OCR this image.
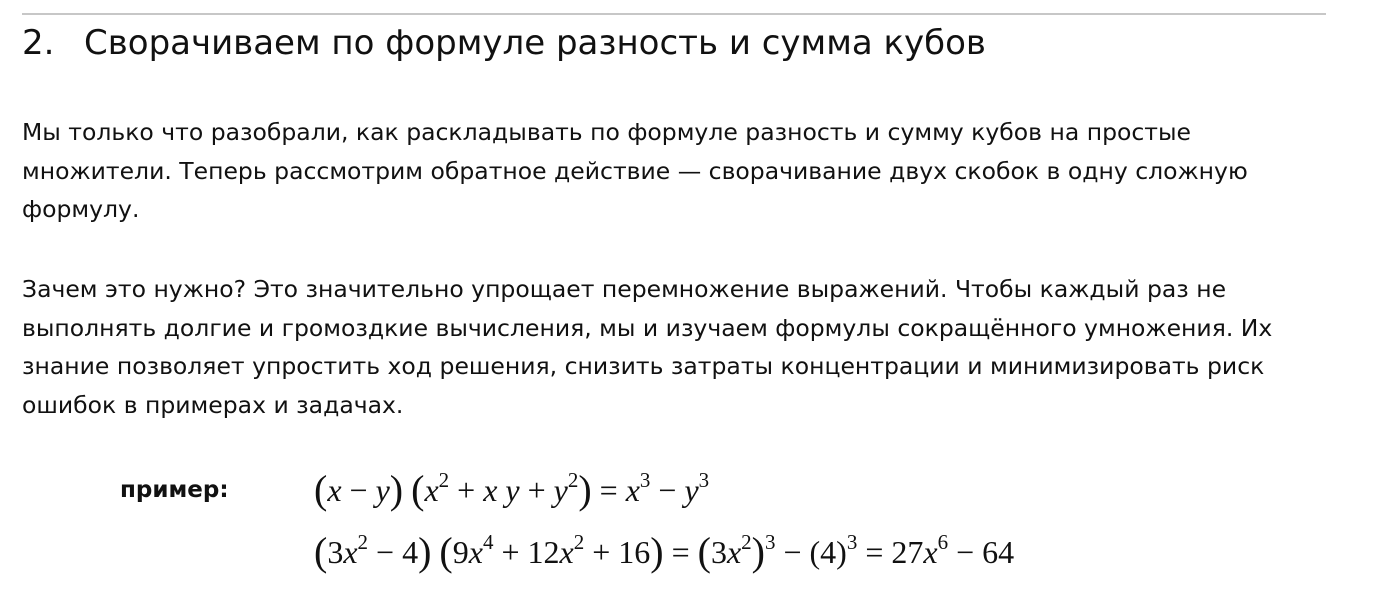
2. Сворачиваем по формуле разность и сумма кубов

Мы только что разобрали, как раскладывать по формуле разность и сумму кубов на простые множители. Теперь рассмотрим обратное действие — сворачивание двух скобок в одну сложную формулу.

Зачем это нужно? Это значительно упрощает перемножение выражений. Чтобы каждый раз не выполнять долгие и громоздкие вычисления, мы и изучаем формулы сокращённого умножения. Их знание позволяет упростить ход решения, снизить затраты концентрации и минимизировать риск ошибок в примерах и задачах.

пример: (x − y) ($x^2 + x$ $y + y^2) = x^3 - y^3$
$(3x^2 - 4) (9x^4 + 12x^2 + 16) = (3x^2)^3 - (4)^3 = 27x^6 - 64$
